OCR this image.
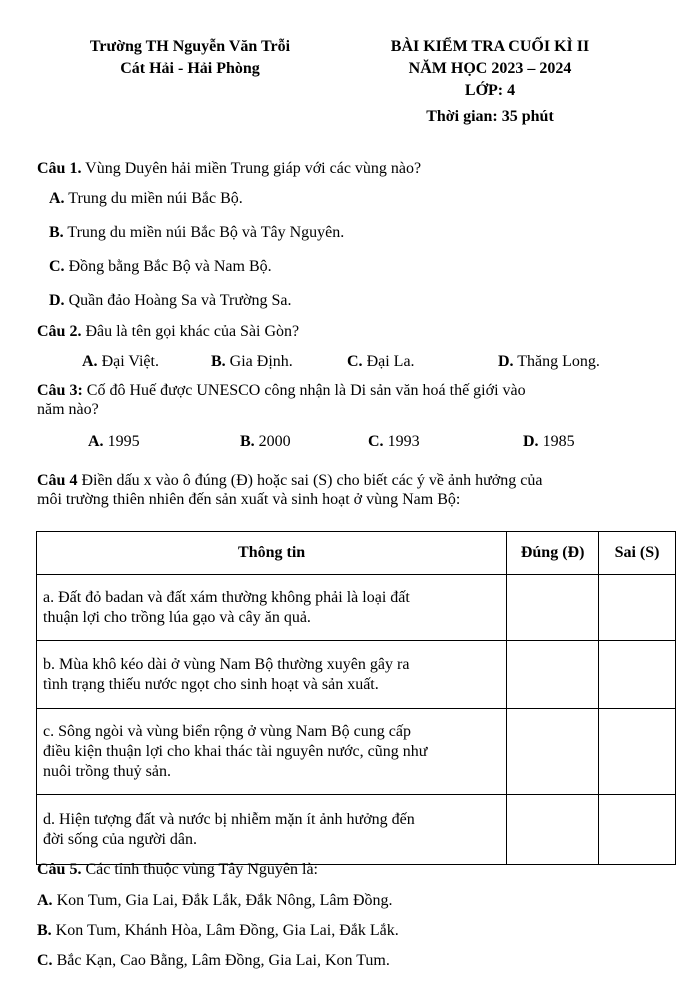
Trường TH Nguyễn Văn Trỗi
Cát Hải - Hải Phòng
BÀI KIỂM TRA CUỐI KÌ II
NĂM HỌC 2023 – 2024
LỚP: 4
Thời gian: 35 phút
Câu 1. Vùng Duyên hải miền Trung giáp với các vùng nào?
A. Trung du miền núi Bắc Bộ.
B. Trung du miền núi Bắc Bộ và Tây Nguyên.
C. Đồng bằng Bắc Bộ và Nam Bộ.
D. Quần đảo Hoàng Sa và Trường Sa.
Câu 2. Đâu là tên gọi khác của Sài Gòn?
A. Đại Việt.	B. Gia Định.	C. Đại La.	D. Thăng Long.
Câu 3: Cố đô Huế được UNESCO công nhận là Di sản văn hoá thế giới vào
năm nào?
A. 1995	B. 2000	C. 1993	D. 1985
Câu 4 Điền dấu x vào ô đúng (Đ) hoặc sai (S) cho biết các ý về ảnh hưởng của
môi trường thiên nhiên đến sản xuất và sinh hoạt ở vùng Nam Bộ:
Thông tin	Đúng (Đ)	Sai (S)

a. Đất đỏ badan và đất xám thường không phải là loại đất
thuận lợi cho trồng lúa gạo và cây ăn quả.		

b. Mùa khô kéo dài ở vùng Nam Bộ thường xuyên gây ra
tình trạng thiếu nước ngọt cho sinh hoạt và sản xuất.		

c. Sông ngòi và vùng biển rộng ở vùng Nam Bộ cung cấp
điều kiện thuận lợi cho khai thác tài nguyên nước, cũng như
nuôi trồng thuỷ sản.		

d. Hiện tượng đất và nước bị nhiễm mặn ít ảnh hưởng đến
đời sống của người dân.		

Câu 5. Các tỉnh thuộc vùng Tây Nguyên là:
A. Kon Tum, Gia Lai, Đắk Lắk, Đắk Nông, Lâm Đồng.
B. Kon Tum, Khánh Hòa, Lâm Đồng, Gia Lai, Đắk Lắk.
C. Bắc Kạn, Cao Bằng, Lâm Đồng, Gia Lai, Kon Tum.
